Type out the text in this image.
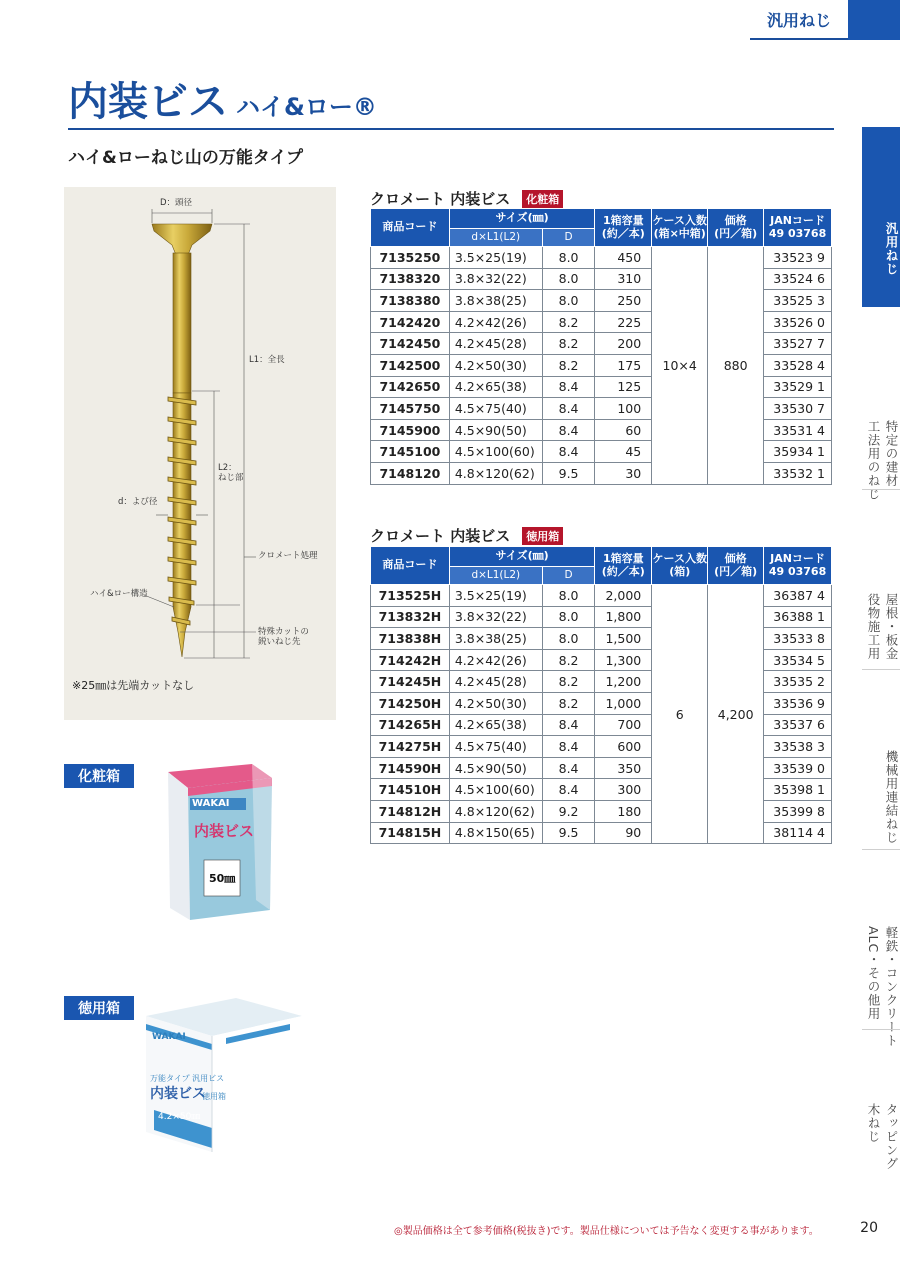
汎用ねじ
内装ビス ハイ&ロー®
ハイ&ローねじ山の万能タイプ
D：頭径
L1：全長
L2：
ねじ部
d：よび径
クロメート処理
ハイ&ロー構造
特殊カットの
鋭いねじ先
※25㎜は先端カットなし
化粧箱
WAKAI
内装ビス
50㎜
徳用箱
WAKAI
万能タイプ 汎用ビス
内装ビス
徳用箱
4.2×50㎜
クロメート 内装ビス	化粧箱
商品コード	サイズ(㎜)		1箱容量
(約／本)	ケース入数
(箱×中箱)	価格
(円／箱)	JANコード
49 03768
	d×L1(L2)	D				
7135250	3.5×25(19)	8.0	450	10×4	880	33523 9
7138320	3.8×32(22)	8.0	310			33524 6
7138380	3.8×38(25)	8.0	250			33525 3
7142420	4.2×42(26)	8.2	225			33526 0
7142450	4.2×45(28)	8.2	200			33527 7
7142500	4.2×50(30)	8.2	175			33528 4
7142650	4.2×65(38)	8.4	125			33529 1
7145750	4.5×75(40)	8.4	100			33530 7
7145900	4.5×90(50)	8.4	60			33531 4
7145100	4.5×100(60)	8.4	45			35934 1
7148120	4.8×120(62)	9.5	30			33532 1
クロメート 内装ビス	徳用箱
商品コード	サイズ(㎜)		1箱容量
(約／本)	ケース入数
(箱)	価格
(円／箱)	JANコード
49 03768
	d×L1(L2)	D				
713525H	3.5×25(19)	8.0	2,000	6	4,200	36387 4
713832H	3.8×32(22)	8.0	1,800			36388 1
713838H	3.8×38(25)	8.0	1,500			33533 8
714242H	4.2×42(26)	8.2	1,300			33534 5
714245H	4.2×45(28)	8.2	1,200			33535 2
714250H	4.2×50(30)	8.2	1,000			33536 9
714265H	4.2×65(38)	8.4	700			33537 6
714275H	4.5×75(40)	8.4	600			33538 3
714590H	4.5×90(50)	8.4	350			33539 0
714510H	4.5×100(60)	8.4	300			35398 1
714812H	4.8×120(62)	9.2	180			35399 8
714815H	4.8×150(65)	9.5	90			38114 4
汎用ねじ
特定の建材
工法用のねじ
屋根・板金
役物施工用
機械用連結ねじ
軽鉄・コンクリート
ALC・その他用
タッピング
木ねじ
◎製品価格は全て参考価格(税抜き)です。製品仕様については予告なく変更する事があります。	20
